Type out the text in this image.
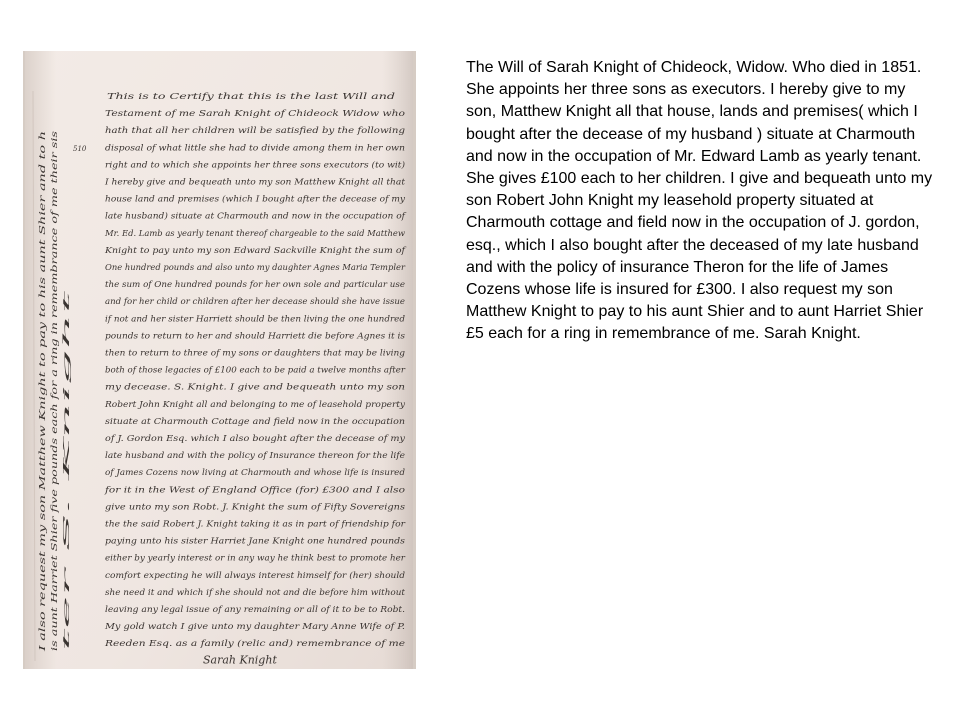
This is to Certify that this is the last Will and
Testament of me Sarah Knight of Chideock Widow who
hath that all her children will be satisfied by the following
disposal of what little she had to divide among them in her own
right and to which she appoints her three sons executors (to wit)
I hereby give and bequeath unto my son Matthew Knight all that
house land and premises (which I bought after the decease of my
late husband) situate at Charmouth and now in the occupation of
Mr. Ed. Lamb as yearly tenant thereof chargeable to the said Matthew
Knight to pay unto my son Edward Sackville Knight the sum of
One hundred pounds and also unto my daughter Agnes Maria Templer
the sum of One hundred pounds for her own sole and particular use
and for her child or children after her decease should she have issue
if not and her sister Harriett should be then living the one hundred
pounds to return to her and should Harriett die before Agnes it is
then to return to three of my sons or daughters that may be living
both of those legacies of £100 each to be paid a twelve months after
my decease. S. Knight. I give and bequeath unto my son
Robert John Knight all and belonging to me of leasehold property
situate at Charmouth Cottage and field now in the occupation
of J. Gordon Esq. which I also bought after the decease of my
late husband and with the policy of Insurance thereon for the life
of James Cozens now living at Charmouth and whose life is insured
for it in the West of England Office (for) £300 and I also
give unto my son Robt. J. Knight the sum of Fifty Sovereigns
the the said Robert J. Knight taking it as in part of friendship for
paying unto his sister Harriet Jane Knight one hundred pounds
either by yearly interest or in any way he think best to promote her
comfort expecting he will always interest himself for (her) should
she need it and which if she should not and die before him without
leaving any legal issue of any remaining or all of it to be to Robt.
My gold watch I give unto my daughter Mary Anne Wife of P.
Reeden Esq. as a family (relic and) remembrance of me
Sarah Knight
510
I also request my son Matthew Knight to pay to his aunt Shier and to h is aunt Harriet Shier five pounds each for a ring in remembrance of me their sis ter S. Knight

The Will of Sarah Knight of Chideock, Widow. Who died in 1851. She appoints her three sons as executors. I hereby give to my son, Matthew Knight all that house, lands and premises( which I bought after the decease of my husband ) situate at Charmouth and now in the occupation of Mr. Edward Lamb as yearly tenant. She gives £100 each to her children. I give and bequeath unto my son Robert John Knight my leasehold property situated at Charmouth cottage and field now in the occupation of J. gordon, esq., which I also bought after the deceased of my late husband and with the policy of insurance Theron for the life of James Cozens whose life is insured for £300. I also request my son Matthew Knight to pay to his aunt Shier and to aunt Harriet Shier £5 each for a ring in remembrance of me. Sarah Knight.
